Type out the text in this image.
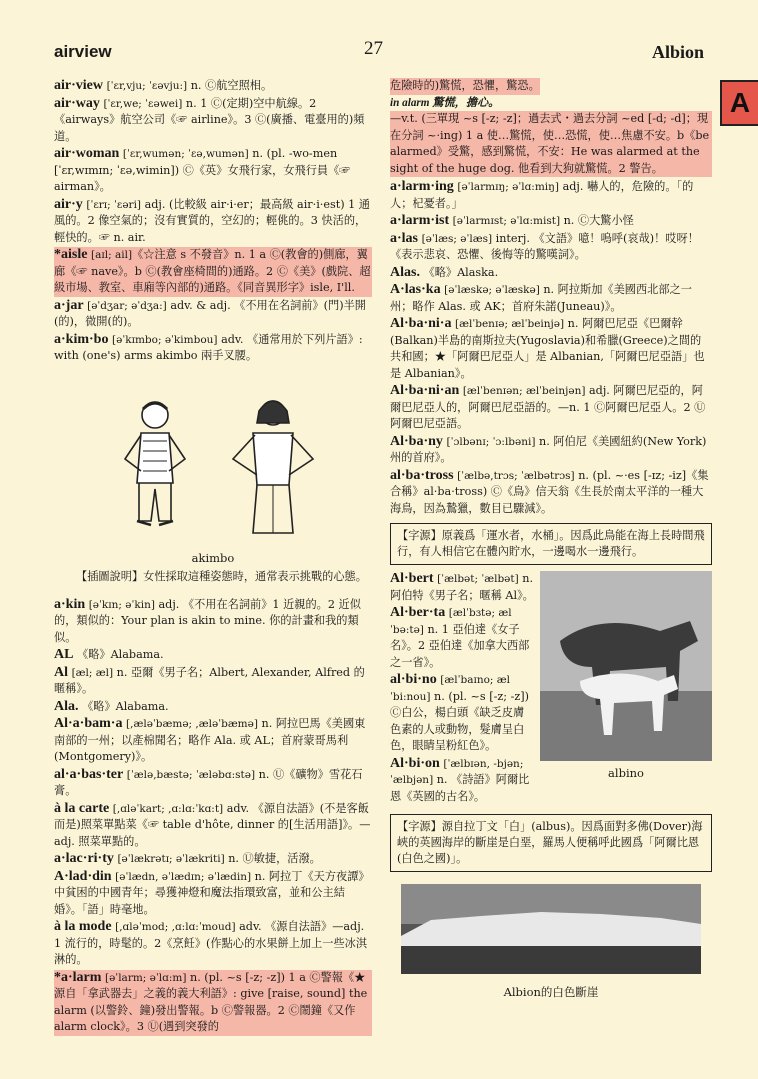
airview	27	Albion
A
air·view [ˈɛr,vju; ˈɛəvju:] n. Ⓒ航空照相。
air·way [ˈɛr,we; ˈɛəwei] n. 1 Ⓒ(定期)空中航線。2《airways》航空公司《☞ airline》。3 Ⓒ(廣播、電臺用的)頻道。
air·woman [ˈɛr,wumən; ˈɛə,wumən] n. (pl. -wo-men [ˈɛr,wɪmɪn; ˈɛə,wimin]) Ⓒ《英》女飛行家，女飛行員《☞ airman》。
air·y [ˈɛrɪ; ˈɛəri] adj. (比較級 air·i·er；最高級 air·i·est) 1 通風的。2 像空氣的；沒有實質的，空幻的；輕佻的。3 快活的，輕快的。☞ n. air.
*aisle [aɪl; ail]《☆注意 s 不發音》n. 1 a Ⓒ(教會的)側廊，翼廊《☞ nave》。b Ⓒ(教會座椅間的)通路。2 Ⓒ《美》(戲院、超級市場、教室、車廂等內部的)通路。《同音異形字》isle, I'll.
a·jar [əˈdʒar; əˈdʒa:] adv. & adj. 《不用在名詞前》(門)半開(的)，微開(的)。
a·kim·bo [əˈkɪmbo; əˈkimbou] adv. 《通常用於下列片語》: with (one's) arms akimbo 兩手叉腰。
akimbo
【插圖說明】女性採取這種姿態時，通常表示挑戰的心態。
a·kin [əˈkɪn; əˈkin] adj. 《不用在名詞前》1 近親的。2 近似的，類似的：Your plan is akin to mine. 你的計畫和我的類似。
AL 《略》Alabama.
Al [æl; æl] n. 亞爾《男子名；Albert, Alexander, Alfred 的暱稱》。
Ala. 《略》Alabama.
Al·a·bam·a [,æləˈbæmə; ,æləˈbæmə] n. 阿拉巴馬《美國東南部的一州；以產棉聞名；略作 Ala. 或 AL；首府蒙哥馬利(Montgomery)》。
al·a·bas·ter [ˈælə,bæstə; ˈæləbɑ:stə] n. Ⓤ《礦物》雪花石膏。
à la carte [,ɑləˈkart; ,ɑ:lɑ:ˈkɑ:t] adv. 《源自法語》(不是客飯而是)照菜單點菜《☞ table d'hôte, dinner 的[生活用語]》。—adj. 照菜單點的。
a·lac·ri·ty [əˈlækrətɪ; əˈlækriti] n. Ⓤ敏捷，活潑。
A·lad·din [əˈlædn, əˈlædɪn; əˈlædin] n. 阿拉丁《天方夜譚》中貧困的中國青年；尋獲神燈和魔法指環致富，並和公主結婚》。「語」時毫地。
à la mode [,ɑləˈmod; ,ɑ:lɑ:ˈmoud] adv. 《源自法語》—adj. 1 流行的，時髦的。2《烹飪》(作點心的水果餅上加上一些冰淇淋的。
*a·larm [əˈlarm; əˈlɑ:m] n. (pl. ~s [-z; -z]) 1 a Ⓒ警報《★源自「拿武器去」之義的義大利語》: give [raise, sound] the alarm (以警鈴、鐘)發出警報。b Ⓒ警報器。2 Ⓒ鬧鐘《又作 alarm clock》。3 Ⓤ(遇到突發的
危險時的)驚慌，恐懼，驚恐。
in alarm 驚慌，擔心。
—v.t. (三單現 ~s [-z; -z]；過去式・過去分詞 ~ed [-d; -d]；現在分詞 ~·ing) 1 a 使…驚慌，使…恐慌，使…焦慮不安。b《be alarmed》受驚，感到驚慌，不安：He was alarmed at the sight of the huge dog. 他看到大狗就驚慌。2 警告。
a·larm·ing [əˈlarmɪŋ; əˈlɑ:miŋ] adj. 嚇人的，危險的。「的人；杞憂者。」
a·larm·ist [əˈlarmɪst; əˈlɑ:mist] n. Ⓒ大驚小怪
a·las [əˈlæs; əˈlæs] interj. 《文語》噫！嗚呼(哀哉)！哎呀！《表示悲哀、恐懼、後悔等的驚嘆詞》。
Alas. 《略》Alaska.
A·las·ka [əˈlæskə; əˈlæskə] n. 阿拉斯加《美國西北部之一州；略作 Alas. 或 AK；首府朱諾(Juneau)》。
Al·ba·ni·a [ælˈbenɪə; ælˈbeinjə] n. 阿爾巴尼亞《巴爾幹(Balkan)半島的南斯拉夫(Yugoslavia)和希臘(Greece)之間的共和國；★「阿爾巴尼亞人」是 Albanian,「阿爾巴尼亞語」也是 Albanian》。
Al·ba·ni·an [ælˈbenɪən; ælˈbeinjən] adj. 阿爾巴尼亞的，阿爾巴尼亞人的，阿爾巴尼亞語的。—n. 1 Ⓒ阿爾巴尼亞人。2 Ⓤ阿爾巴尼亞語。
Al·ba·ny [ˈɔlbənɪ; ˈɔ:lbəni] n. 阿伯尼《美國紐約(New York)州的首府》。
al·ba·tross [ˈælbə,trɔs; ˈælbətrɔs] n. (pl. ~·es [-ɪz; -iz]《集合稱》al·ba·tross) Ⓒ《鳥》信天翁《生長於南太平洋的一種大海鳥，因為鷙獵，數目已驟減》。
【字源】原義爲「運水者，水桶」。因爲此鳥能在海上長時間飛行，有人相信它在體內貯水，一邊喝水一邊飛行。
albino
Al·bert [ˈælbət; ˈælbət] n. 阿伯特《男子名；暱稱 Al》。
Al·ber·ta [ælˈbɜtə; ælˈbə:tə] n. 1 亞伯達《女子名》。2 亞伯達《加拿大西部之一省》。
al·bi·no [ælˈbaɪno; ælˈbi:nou] n. (pl. ~s [-z; -z]) Ⓒ白公，楊白頭《缺乏皮膚色素的人或動物，髮膚呈白色，眼睛呈粉紅色》。
Al·bi·on [ˈælbɪən, -bjən; ˈælbjən] n. 《詩語》阿爾比恩《英國的古名》。
【字源】源自拉丁文「白」(albus)。因爲面對多佛(Dover)海峽的英國海岸的斷崖是白堊，羅馬人便稱呼此國爲「阿爾比恩(白色之國)」。
Albion的白色斷崖
